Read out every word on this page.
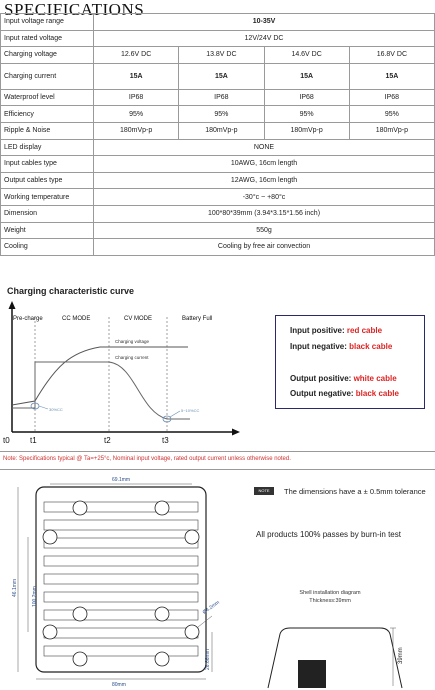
SPECIFICATIONS
Input voltage range	10-35V			
Input rated voltage	12V/24V DC			
Charging voltage	12.6V DC	13.8V DC	14.6V DC	16.8V DC
Charging current	15A	15A	15A	15A
Waterproof level	IP68	IP68	IP68	IP68
Efficiency	95%	95%	95%	95%
Ripple & Noise	180mVp-p	180mVp-p	180mVp-p	180mVp-p
LED display	NONE			
Input cables type	10AWG, 16cm length			
Output cables type	12AWG, 16cm length			
Working temperature	-30°c ~ +80°c			
Dimension	100*80*39mm (3.94*3.15*1.56 inch)			
Weight	550g			
Cooling	Cooling by free air convection			
Charging characteristic curve
Pre-charge	CC MODE	CV MODE	Battery Full
Charging voltage
Charging current
30%CC	5~10%CC
t0	t1	t2	t3
Input positive: red cable
Input negative: black cable
Output positive: white cable
Output negative: black cable
Note: Specifications typical @ Ta=+25°c, Nominal input voltage, rated output current unless otherwise noted.
69.1mm
46.1mm	100.2mm
Ø4.2mm
26.66mm
80mm
NOTE	The dimensions have a ± 0.5mm tolerance
All products 100% passes by burn-in test
Shell installation diagram
Thickness:39mm
39mm
